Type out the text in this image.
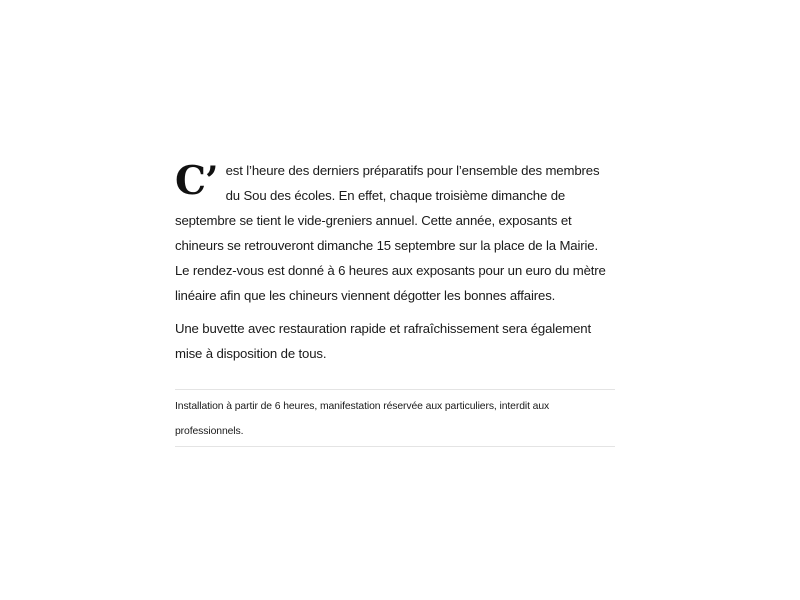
C’ est l’heure des derniers préparatifs pour l’ensemble des membres du Sou des écoles. En effet, chaque troisième dimanche de septembre se tient le vide-greniers annuel. Cette année, exposants et chineurs se retrouveront dimanche 15 septembre sur la place de la Mairie. Le rendez-vous est donné à 6 heures aux exposants pour un euro du mètre linéaire afin que les chineurs viennent dégotter les bonnes affaires.

Une buvette avec restauration rapide et rafraîchissement sera également mise à disposition de tous.

Installation à partir de 6 heures, manifestation réservée aux particuliers, interdit aux professionnels.
